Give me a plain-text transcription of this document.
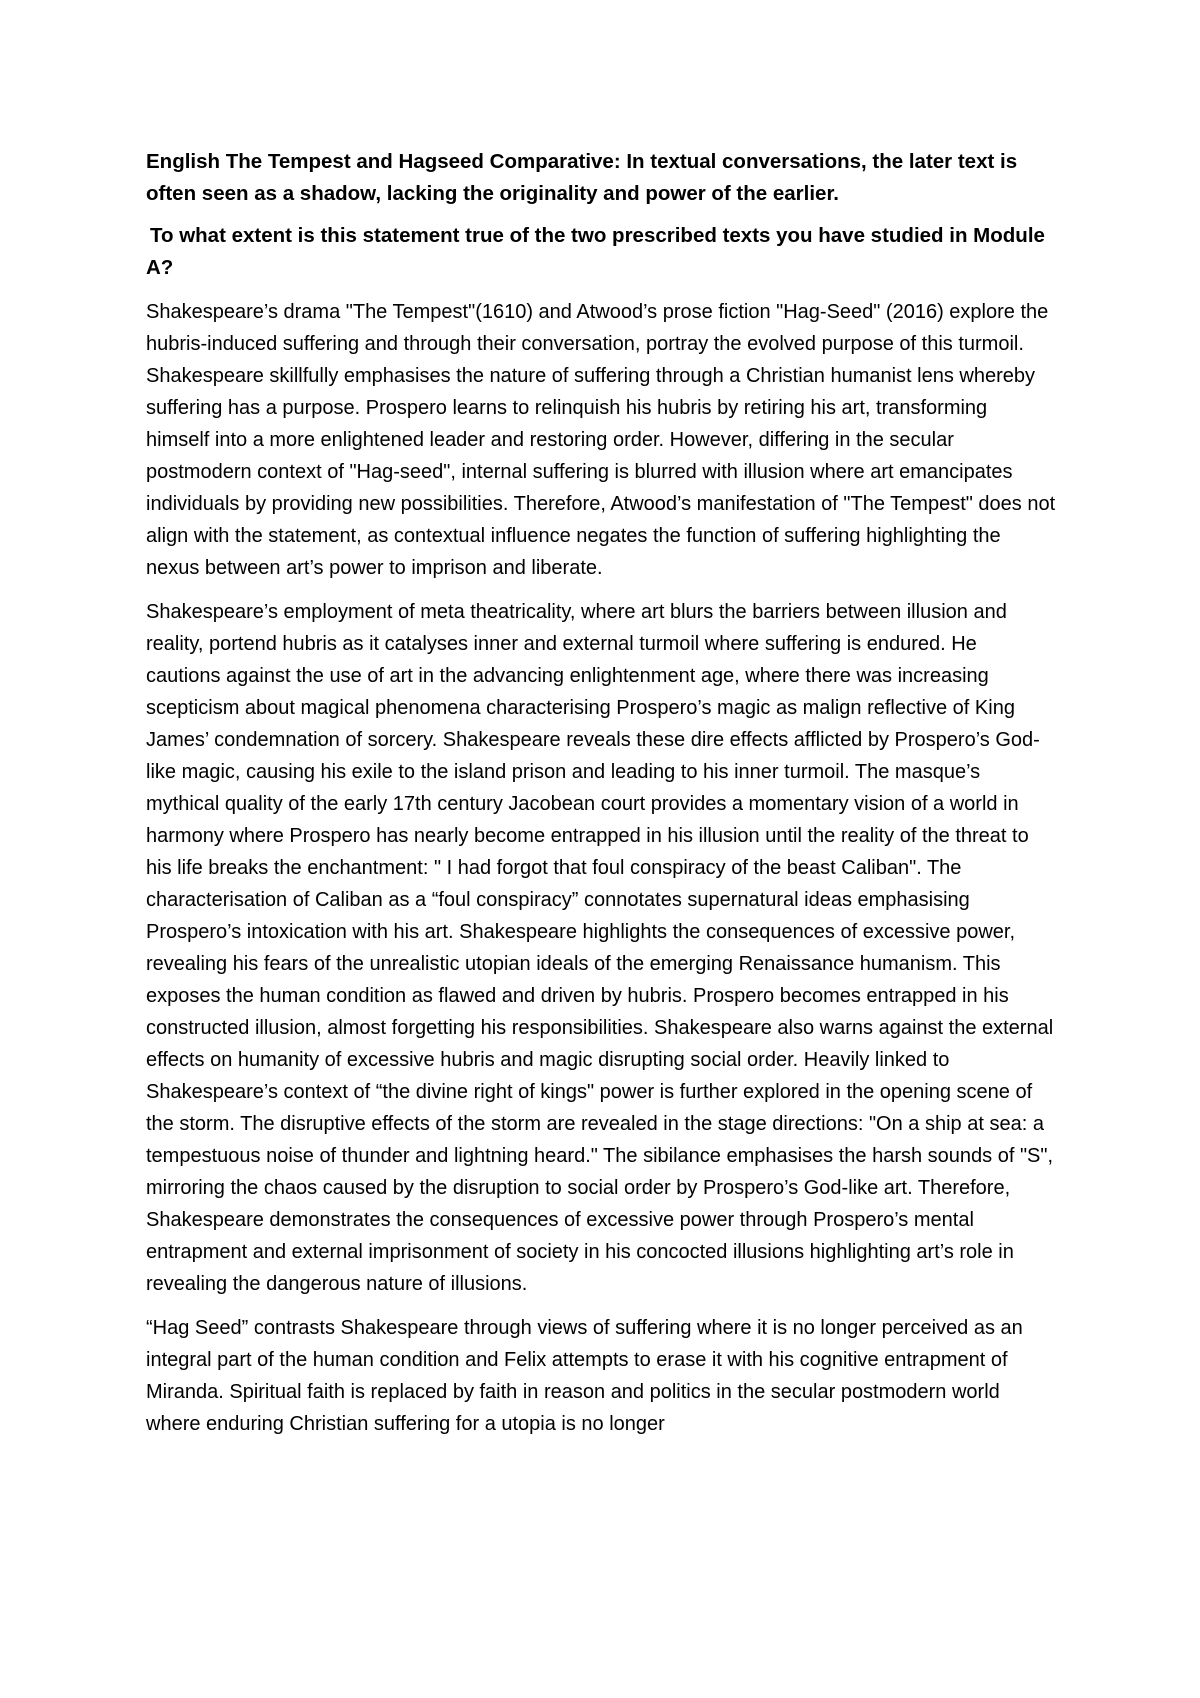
English The Tempest and Hagseed Comparative: In textual conversations, the later text is often seen as a shadow, lacking the originality and power of the earlier.

To what extent is this statement true of the two prescribed texts you have studied in Module A?

Shakespeare’s drama "The Tempest"(1610) and Atwood’s prose fiction "Hag-Seed" (2016) explore the hubris-induced suffering and through their conversation, portray the evolved purpose of this turmoil. Shakespeare skillfully emphasises the nature of suffering through a Christian humanist lens whereby suffering has a purpose. Prospero learns to relinquish his hubris by retiring his art, transforming himself into a more enlightened leader and restoring order. However, differing in the secular postmodern context of "Hag-seed", internal suffering is blurred with illusion where art emancipates individuals by providing new possibilities. Therefore, Atwood’s manifestation of "The Tempest" does not align with the statement, as contextual influence negates the function of suffering highlighting the nexus between art’s power to imprison and liberate.

Shakespeare’s employment of meta theatricality, where art blurs the barriers between illusion and reality, portend hubris as it catalyses inner and external turmoil where suffering is endured. He cautions against the use of art in the advancing enlightenment age, where there was increasing scepticism about magical phenomena characterising Prospero’s magic as malign reflective of King James’ condemnation of sorcery. Shakespeare reveals these dire effects afflicted by Prospero’s God-like magic, causing his exile to the island prison and leading to his inner turmoil. The masque’s mythical quality of the early 17th century Jacobean court provides a momentary vision of a world in harmony where Prospero has nearly become entrapped in his illusion until the reality of the threat to his life breaks the enchantment: " I had forgot that foul conspiracy of the beast Caliban". The characterisation of Caliban as a “foul conspiracy” connotates supernatural ideas emphasising Prospero’s intoxication with his art. Shakespeare highlights the consequences of excessive power, revealing his fears of the unrealistic utopian ideals of the emerging Renaissance humanism. This exposes the human condition as flawed and driven by hubris. Prospero becomes entrapped in his constructed illusion, almost forgetting his responsibilities. Shakespeare also warns against the external effects on humanity of excessive hubris and magic disrupting social order. Heavily linked to Shakespeare’s context of “the divine right of kings" power is further explored in the opening scene of the storm. The disruptive effects of the storm are revealed in the stage directions: "On a ship at sea: a tempestuous noise of thunder and lightning heard." The sibilance emphasises the harsh sounds of "S", mirroring the chaos caused by the disruption to social order by Prospero’s God-like art. Therefore, Shakespeare demonstrates the consequences of excessive power through Prospero’s mental entrapment and external imprisonment of society in his concocted illusions highlighting art’s role in revealing the dangerous nature of illusions.

“Hag Seed” contrasts Shakespeare through views of suffering where it is no longer perceived as an integral part of the human condition and Felix attempts to erase it with his cognitive entrapment of Miranda. Spiritual faith is replaced by faith in reason and politics in the secular postmodern world where enduring Christian suffering for a utopia is no longer
